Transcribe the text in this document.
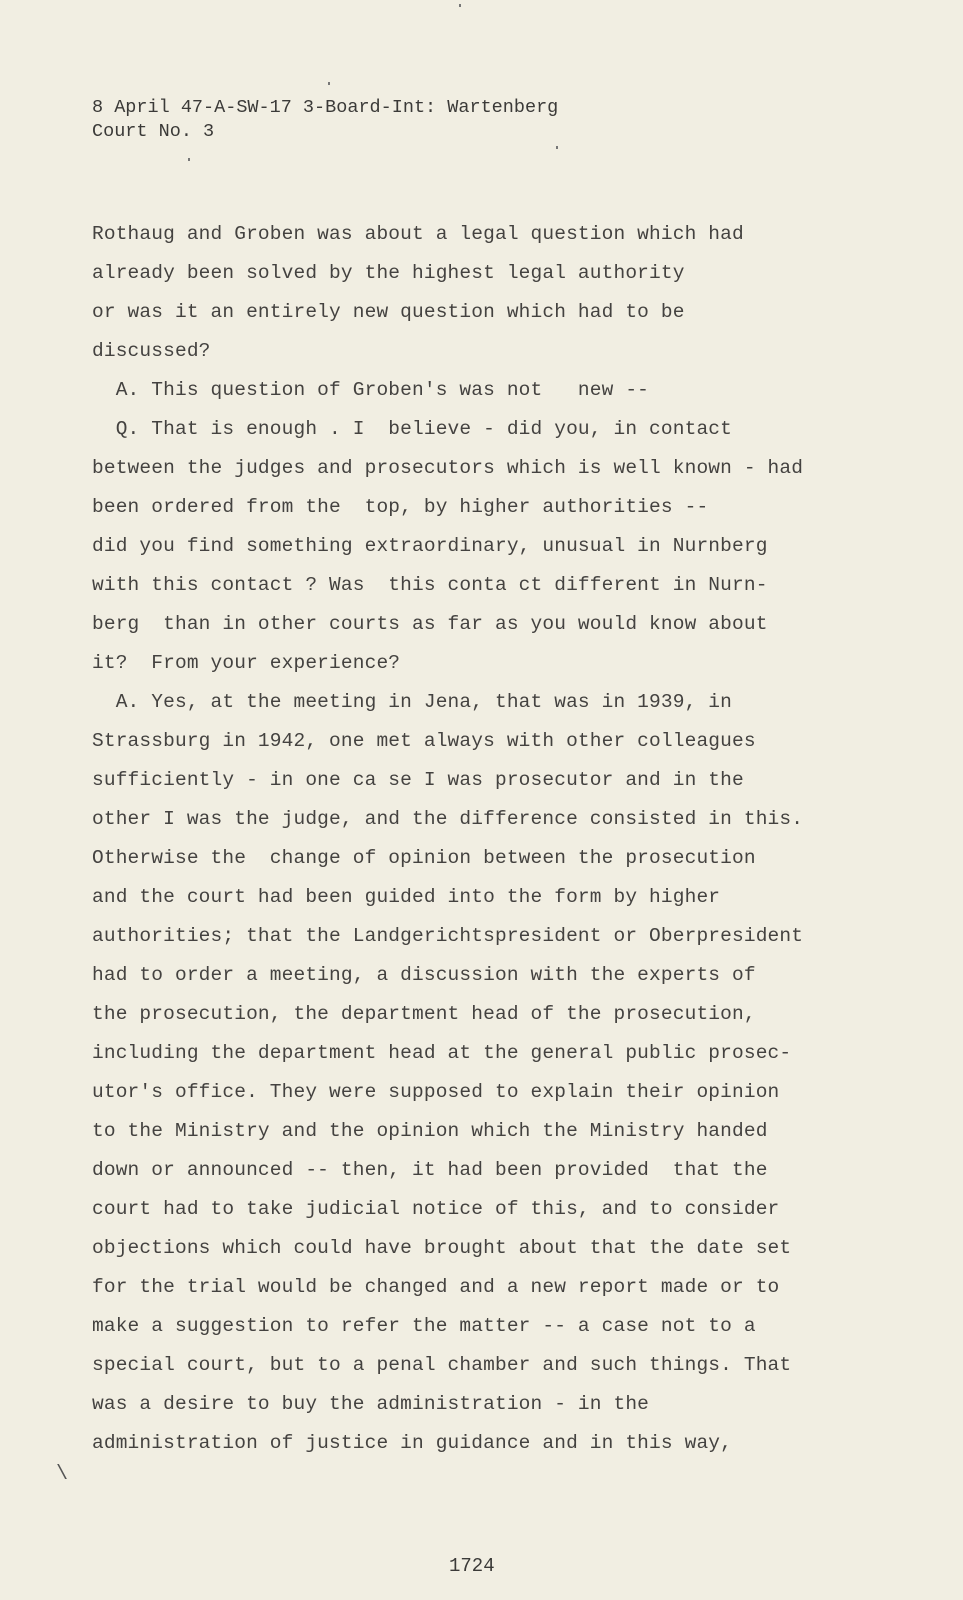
8 April 47-A-SW-17 3-Board-Int: Wartenberg
Court No. 3
Rothaug and Groben was about a legal question which had
already been solved by the highest legal authority
or was it an entirely new question which had to be
discussed?
A. This question of Groben's was not   new --
Q. That is enough . I  believe - did you, in contact
between the judges and prosecutors which is well known - had
been ordered from the  top, by higher authorities --
did you find something extraordinary, unusual in Nurnberg
with this contact ? Was  this conta ct different in Nurn-
berg  than in other courts as far as you would know about
it?  From your experience?
A. Yes, at the meeting in Jena, that was in 1939, in
Strassburg in 1942, one met always with other colleagues
sufficiently - in one ca se I was prosecutor and in the
other I was the judge, and the difference consisted in this.
Otherwise the  change of opinion between the prosecution
and the court had been guided into the form by higher
authorities; that the Landgerichtspresident or Oberpresident
had to order a meeting, a discussion with the experts of
the prosecution, the department head of the prosecution,
including the department head at the general public prosec-
utor's office. They were supposed to explain their opinion
to the Ministry and the opinion which the Ministry handed
down or announced -- then, it had been provided  that the
court had to take judicial notice of this, and to consider
objections which could have brought about that the date set
for the trial would be changed and a new report made or to
make a suggestion to refer the matter -- a case not to a
special court, but to a penal chamber and such things. That
was a desire to buy the administration - in the
administration of justice in guidance and in this way,
\
1724
